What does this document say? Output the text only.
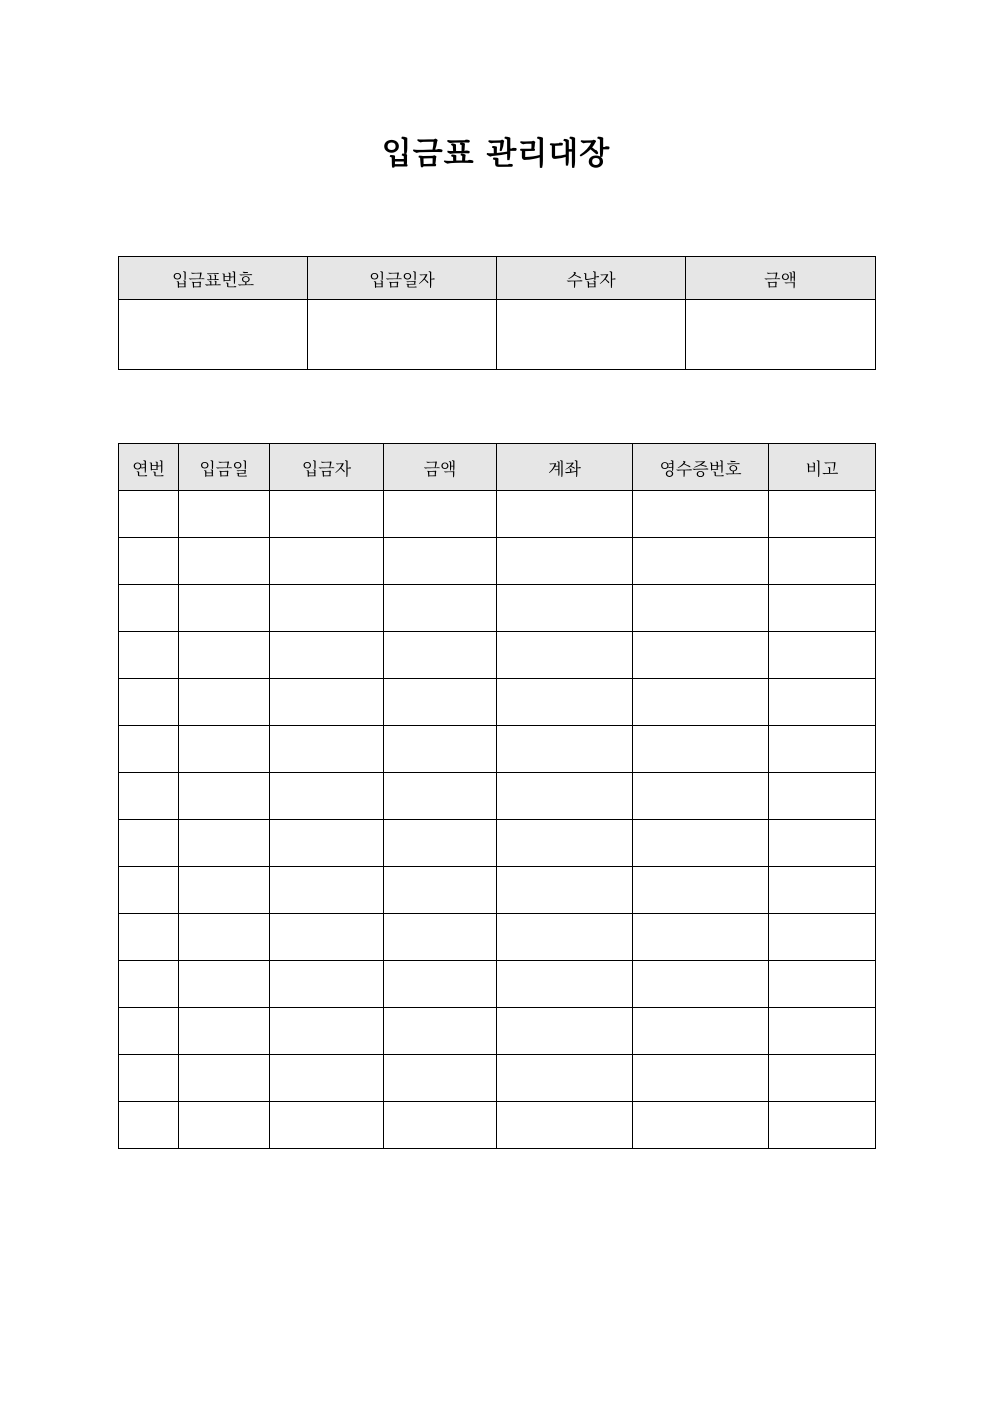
입금표 관리대장
입금표번호	입금일자	수납자	금액

연번	입금일	입금자	금액	계좌	영수증번호	비고
